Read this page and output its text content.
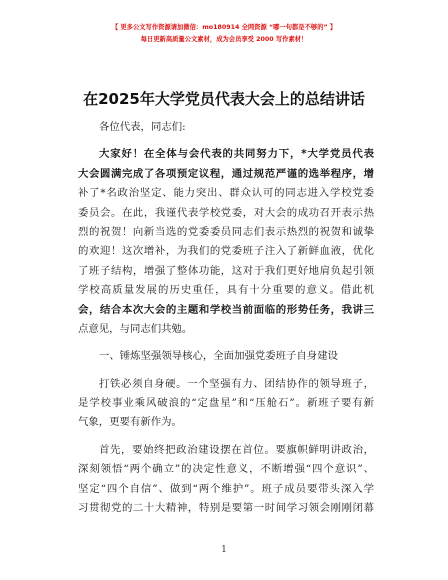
【 更多公文写作资源请加微信：mo180914 全网资源 “哪一句都是不够的” 】
每日更新高质量公文素材，成为会员享受 2000 写作素材！
在2025年大学党员代表大会上的总结讲话
各位代表，同志们:
大家好！在全体与会代表的共同努力下，*大学党员代表
大会圆满完成了各项预定议程，通过规范严谨的选举程序，增
补了*名政治坚定、能力突出、群众认可的同志进入学校党委
委员会。在此，我谨代表学校党委，对大会的成功召开表示热
烈的祝贺！向新当选的党委委员同志们表示热烈的祝贺和诚挚
的欢迎！这次增补，为我们的党委班子注入了新鲜血液，优化
了班子结构，增强了整体功能，这对于我们更好地肩负起引领
学校高质量发展的历史重任，具有十分重要的意义。借此机
会，结合本次大会的主题和学校当前面临的形势任务，我讲三
点意见，与同志们共勉。
一、锤炼坚强领导核心，全面加强党委班子自身建设
打铁必须自身硬。一个坚强有力、团结协作的领导班子，
是学校事业乘风破浪的“定盘星”和“压舱石”。新班子要有新
气象，更要有新作为。
首先，要始终把政治建设摆在首位。要旗帜鲜明讲政治，
深刻领悟“两个确立”的决定性意义，不断增强“四个意识”、
坚定“四个自信”、做到“两个维护”。班子成员要带头深入学
习贯彻党的二十大精神，特别是要第一时间学习领会刚刚闭幕
1
